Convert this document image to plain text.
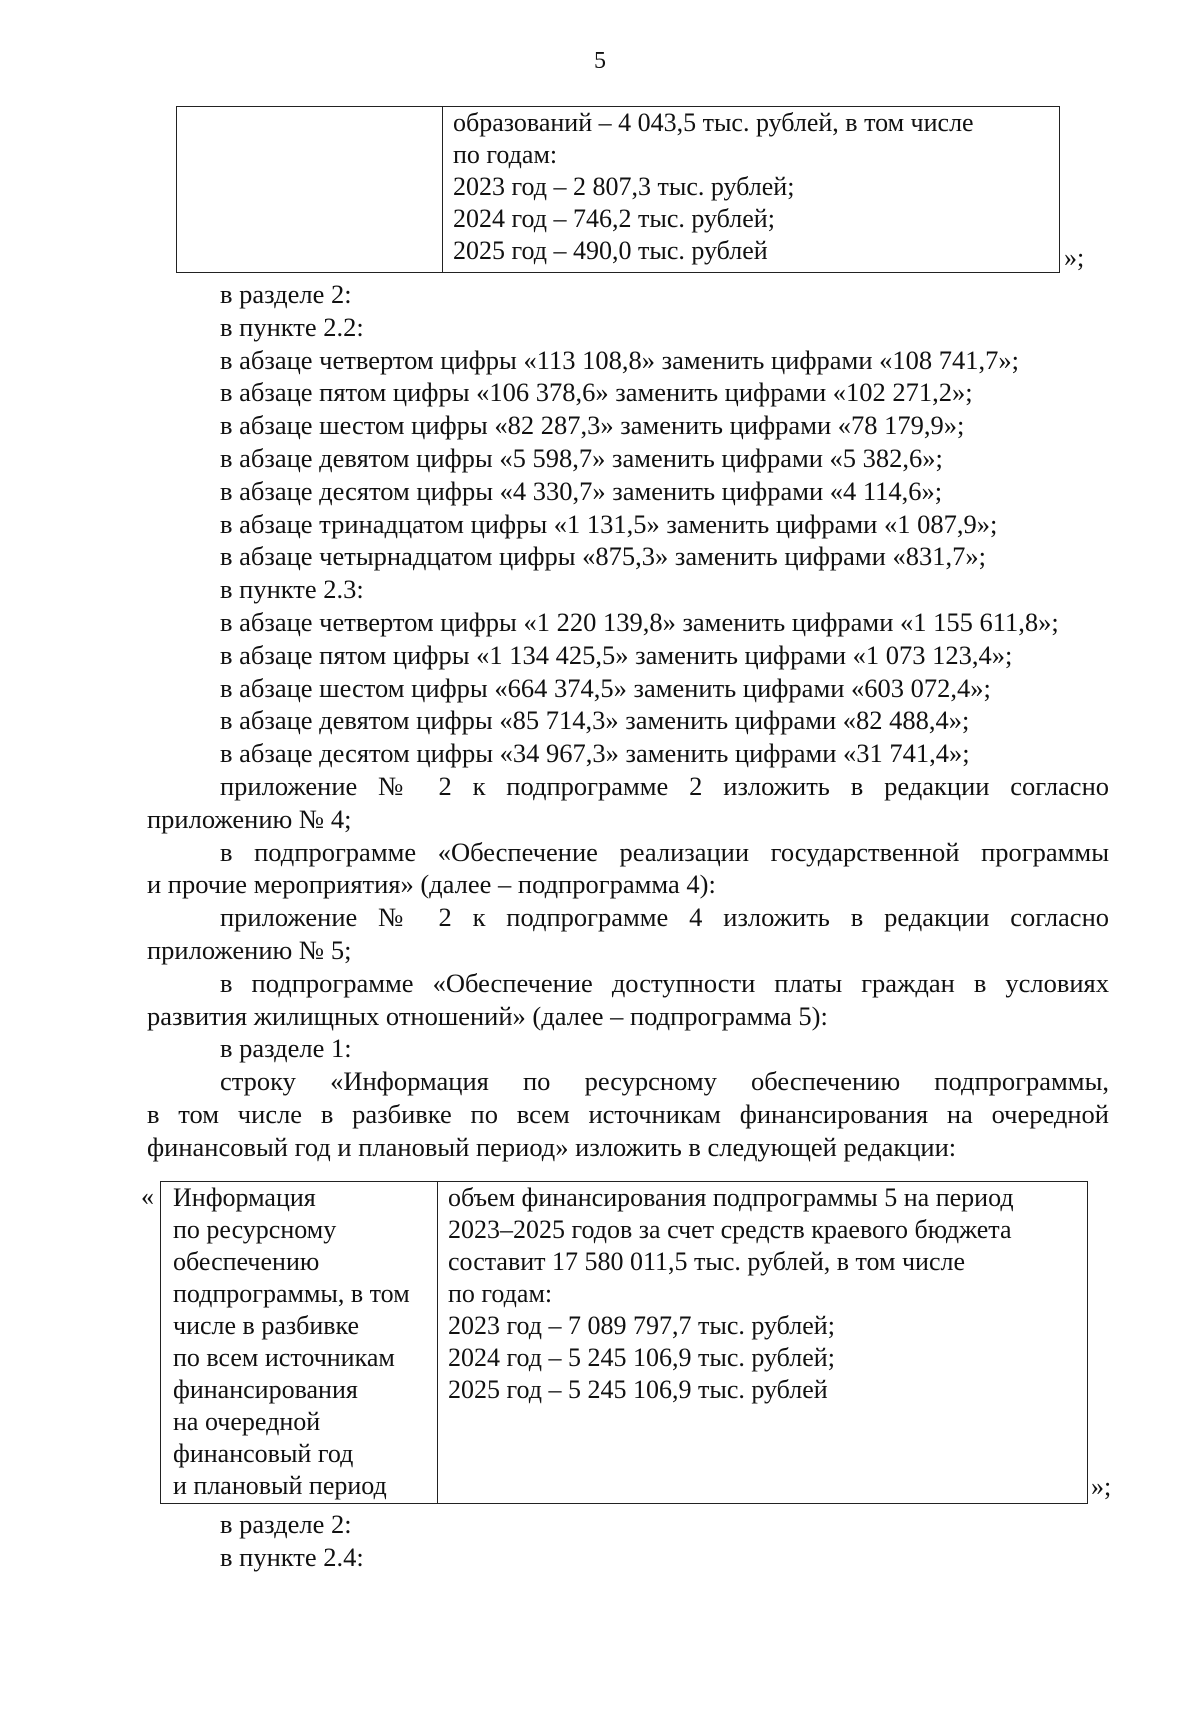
5
образований – 4 043,5 тыс. рублей, в том числе
по годам:
2023 год – 2 807,3 тыс. рублей;
2024 год – 746,2 тыс. рублей;
2025 год – 490,0 тыс. рублей	»;
в разделе 2:
в пункте 2.2:
в абзаце четвертом цифры «113 108,8» заменить цифрами «108 741,7»;
в абзаце пятом цифры «106 378,6» заменить цифрами «102 271,2»;
в абзаце шестом цифры «82 287,3» заменить цифрами «78 179,9»;
в абзаце девятом цифры «5 598,7» заменить цифрами «5 382,6»;
в абзаце десятом цифры «4 330,7» заменить цифрами «4 114,6»;
в абзаце тринадцатом цифры «1 131,5» заменить цифрами «1 087,9»;
в абзаце четырнадцатом цифры «875,3» заменить цифрами «831,7»;
в пункте 2.3:
в абзаце четвертом цифры «1 220 139,8» заменить цифрами «1 155 611,8»;
в абзаце пятом цифры «1 134 425,5» заменить цифрами «1 073 123,4»;
в абзаце шестом цифры «664 374,5» заменить цифрами «603 072,4»;
в абзаце девятом цифры «85 714,3» заменить цифрами «82 488,4»;
в абзаце десятом цифры «34 967,3» заменить цифрами «31 741,4»;
приложение № 2 к подпрограмме 2 изложить в редакции согласно
приложению № 4;
в подпрограмме «Обеспечение реализации государственной программы
и прочие мероприятия» (далее – подпрограмма 4):
приложение № 2 к подпрограмме 4 изложить в редакции согласно
приложению № 5;
в подпрограмме «Обеспечение доступности платы граждан в условиях
развития жилищных отношений» (далее – подпрограмма 5):
в разделе 1:
строку «Информация по ресурсному обеспечению подпрограммы,
в том числе в разбивке по всем источникам финансирования на очередной
финансовый год и плановый период» изложить в следующей редакции:
« Информация
по ресурсному
обеспечению
подпрограммы, в том
числе в разбивке
по всем источникам
финансирования
на очередной
финансовый год
и плановый период
объем финансирования подпрограммы 5 на период
2023–2025 годов за счет средств краевого бюджета
составит 17 580 011,5 тыс. рублей, в том числе
по годам:
2023 год – 7 089 797,7 тыс. рублей;
2024 год – 5 245 106,9 тыс. рублей;
2025 год – 5 245 106,9 тыс. рублей
»;
в разделе 2:
в пункте 2.4:
